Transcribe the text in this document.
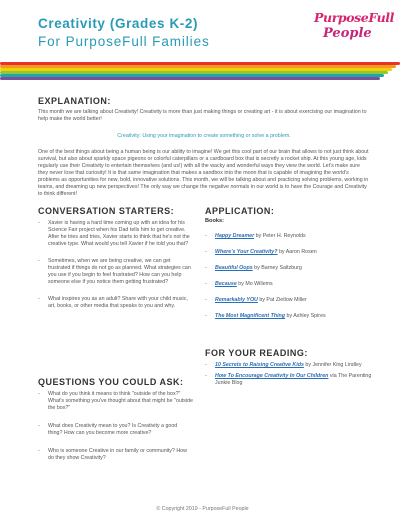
Creativity (Grades K-2)
For PurposeFull Families
PurposeFull
People
EXPLANATION:
This month we are talking about Creativity! Creativity is more than just making things or creating art - it is about exercising our imagination to help make the world better!
Creativity: Using your imagination to create something or solve a problem.
One of the best things about being a human being is our ability to imagine! We get this cool part of our brain that allows to not just think about survival, but also about sparkly space pigeons or colorful caterpillars or a cardboard box that is secretly a rocket ship. At this young age, kids regularly use their Creativity to entertain themselves (and us!) with all the wacky and wonderful ways they view the world. Let's make sure they never lose that curiosity! It is that same imagination that makes a sandbox into the moon that is capable of imagining the world's problems as opportunities for new, bold, innovative solutions. This month, we will be talking about and practicing solving problems, working in teams, and dreaming up new perspectives! The only way we change the negative normals in our world is to have the Courage and Creativity to think different!
CONVERSATION STARTERS:
- Xavier is having a hard time coming up with an idea for his Science Fair project when his Dad tells him to get creative. After he tries and tries, Xavier starts to think that he's not the creative type. What would you tell Xavier if he told you that?
- Sometimes, when we are being creative, we can get frustrated if things do not go as planned. What strategies can you use if you begin to feel frustrated? How can you help someone else if you notice them getting frustrated?
- What inspires you as an adult? Share with your child music, art, books, or other media that speaks to you and why.
QUESTIONS YOU COULD ASK:
- What do you think it means to think "outside of the box?" What's something you've thought about that might be "outside the box?"
- What does Creativity mean to you? Is Creativity a good thing? How can you become more creative?
- Who is someone Creative in our family or community? How do they show Creativity?
APPLICATION:
Books:
- Happy Dreamer by Peter H. Reynolds
- Where's Your Creativity? by Aaron Rosen
- Beautiful Oops by Barney Saltzburg
- Because by Mo Willems
- Remarkably YOU by Pat Zietlow Miller
- The Most Magnificent Thing by Ashley Spires
FOR YOUR READING:
- 10 Secrets to Raising Creative Kids by Jennifer King Lindley
- How To Encourage Creativity In Our Children via The Parenting Junkie Blog
© Copyright 2019 - PurposeFull People
